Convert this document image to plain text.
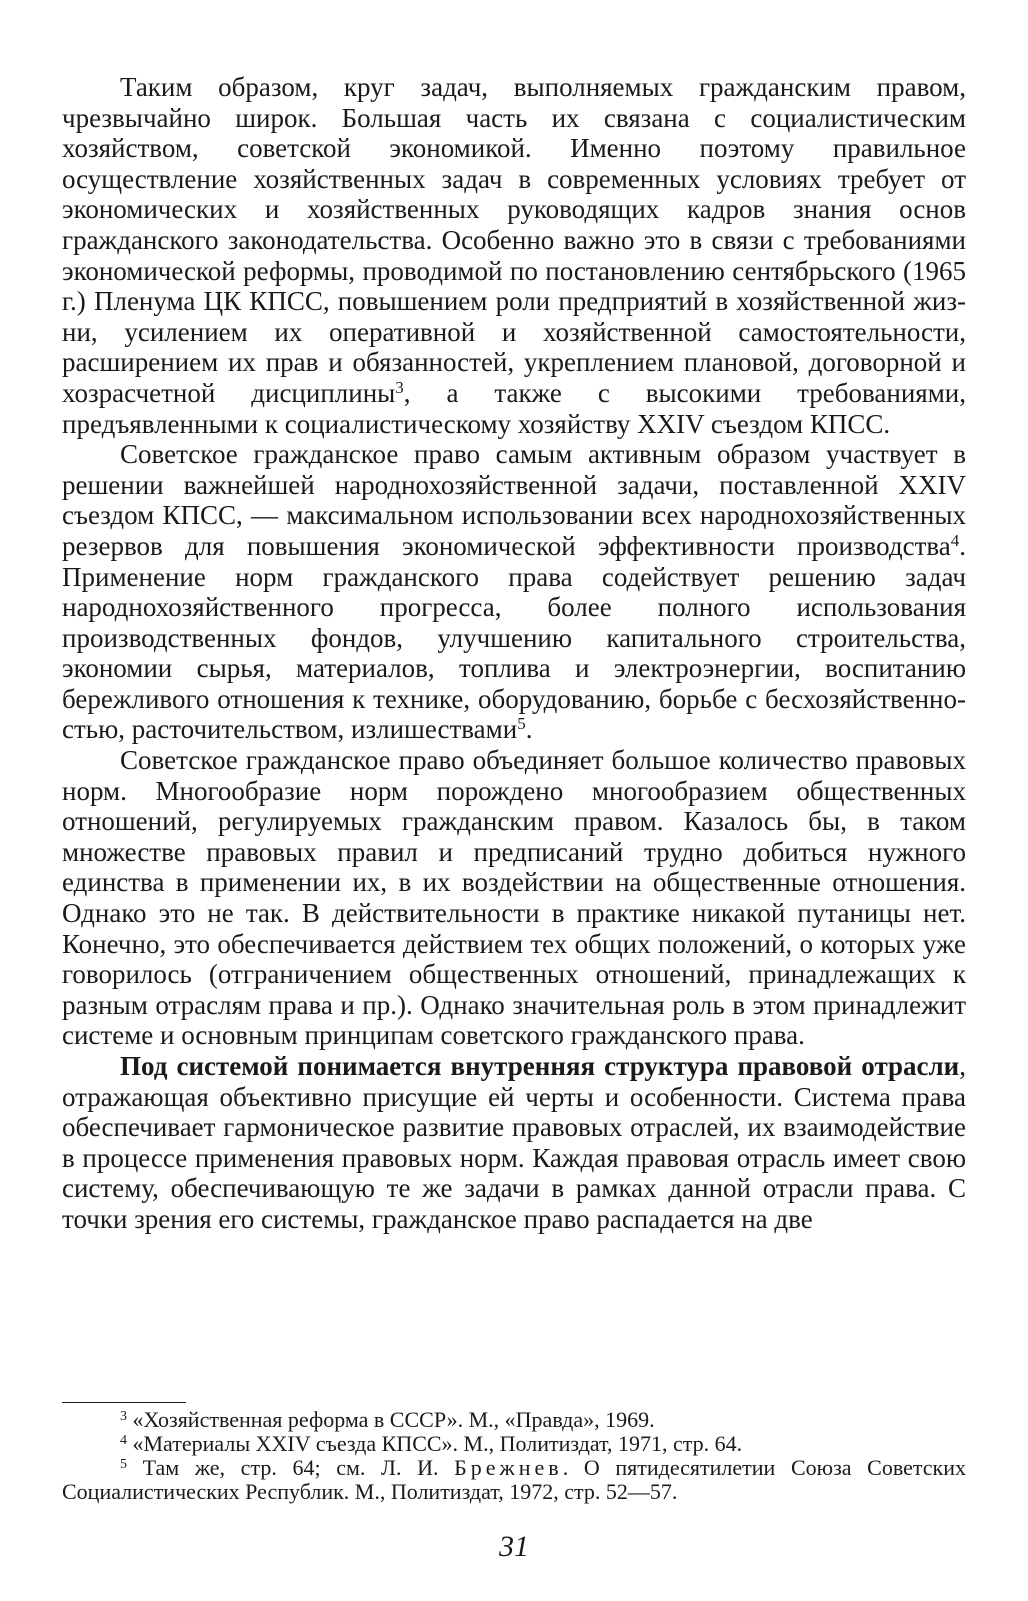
Таким образом, круг задач, выполняемых гражданским правом, чрезвычайно широк. Большая часть их связана с социалистическим хозяйством, советской экономикой. Именно поэтому правильное осуществление хозяйственных задач в современных условиях требует от экономических и хозяйственных руководящих кадров знания основ гражданского законодательства. Особенно важно это в связи с требованиями экономической реформы, проводимой по постановлению сентябрьского (1965 г.) Пленума ЦК КПСС, повышением роли предприятий в хозяйственной жизни, усилением их оперативной и хозяйственной самостоятельности, расширением их прав и обязанностей, укреплением плановой, договорной и хозрасчетной дисциплины$^3$, а также с высокими требованиями, предъявленными к социалистическому хозяйству XXIV съездом КПСС.

Советское гражданское право самым активным образом участвует в решении важнейшей народнохозяйственной задачи, поставленной XXIV съездом КПСС, — максимальном использовании всех народнохозяйственных резервов для повышения экономической эффективности производства$^4$. Применение норм гражданского права содействует решению задач народнохозяйственного прогресса, более полного использования производственных фондов, улучшению капитального строительства, экономии сырья, материалов, топлива и электроэнергии, воспитанию бережливого отношения к технике, оборудованию, борьбе с бесхозяйственностью, расточительством, излишествами$^5$.

Советское гражданское право объединяет большое количество правовых норм. Многообразие норм порождено многообразием общественных отношений, регулируемых гражданским правом. Казалось бы, в таком множестве правовых правил и предписаний трудно добиться нужного единства в применении их, в их воздействии на общественные отношения. Однако это не так. В действительности в практике никакой путаницы нет. Конечно, это обеспечивается действием тех общих положений, о которых уже говорилось (отграничением общественных отношений, принадлежащих к разным отраслям права и пр.). Однако значительная роль в этом принадлежит системе и основным принципам советского гражданского права.

Под системой понимается внутренняя структура правовой отрасли, отражающая объективно присущие ей черты и особенности. Система права обеспечивает гармоническое развитие правовых отраслей, их взаимодействие в процессе применения правовых норм. Каждая правовая отрасль имеет свою систему, обеспечивающую те же задачи в рамках данной отрасли права. С точки зрения его системы, гражданское право распадается на две

$^3$ «Хозяйственная реформа в СССР». М., «Правда», 1969.

$^4$ «Материалы XXIV съезда КПСС». М., Политиздат, 1971, стр. 64.

$^5$ Там же, стр. 64; см. Л. И. Брежнев. О пятидесятилетии Союза Советских Социалистических Республик. М., Политиздат, 1972, стр. 52—57.

31
